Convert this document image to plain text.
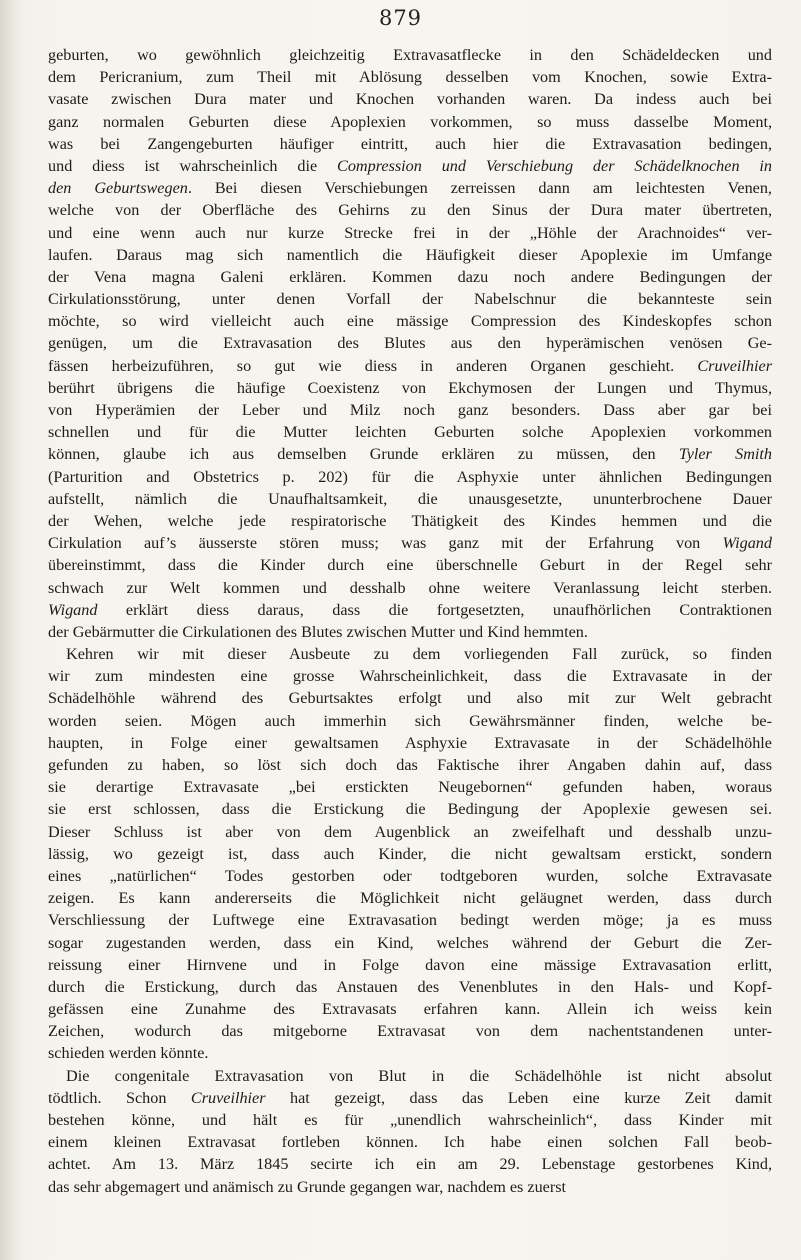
879
geburten, wo gewöhnlich gleichzeitig Extravasatflecke in den Schädeldecken und
dem Pericranium, zum Theil mit Ablösung desselben vom Knochen, sowie Extra-
vasate zwischen Dura mater und Knochen vorhanden waren. Da indess auch bei
ganz normalen Geburten diese Apoplexien vorkommen, so muss dasselbe Moment,
was bei Zangengeburten häufiger eintritt, auch hier die Extravasation bedingen,
und diess ist wahrscheinlich die Compression und Verschiebung der Schädelknochen in
den Geburtswegen. Bei diesen Verschiebungen zerreissen dann am leichtesten Venen,
welche von der Oberfläche des Gehirns zu den Sinus der Dura mater übertreten,
und eine wenn auch nur kurze Strecke frei in der „Höhle der Arachnoides“ ver-
laufen. Daraus mag sich namentlich die Häufigkeit dieser Apoplexie im Umfange
der Vena magna Galeni erklären. Kommen dazu noch andere Bedingungen der
Cirkulationsstörung, unter denen Vorfall der Nabelschnur die bekannteste sein
möchte, so wird vielleicht auch eine mässige Compression des Kindeskopfes schon
genügen, um die Extravasation des Blutes aus den hyperämischen venösen Ge-
fässen herbeizuführen, so gut wie diess in anderen Organen geschieht. Cruveilhier
berührt übrigens die häufige Coexistenz von Ekchymosen der Lungen und Thymus,
von Hyperämien der Leber und Milz noch ganz besonders. Dass aber gar bei
schnellen und für die Mutter leichten Geburten solche Apoplexien vorkommen
können, glaube ich aus demselben Grunde erklären zu müssen, den Tyler Smith
(Parturition and Obstetrics p. 202) für die Asphyxie unter ähnlichen Bedingungen
aufstellt, nämlich die Unaufhaltsamkeit, die unausgesetzte, ununterbrochene Dauer
der Wehen, welche jede respiratorische Thätigkeit des Kindes hemmen und die
Cirkulation auf’s äusserste stören muss; was ganz mit der Erfahrung von Wigand
übereinstimmt, dass die Kinder durch eine überschnelle Geburt in der Regel sehr
schwach zur Welt kommen und desshalb ohne weitere Veranlassung leicht sterben.
Wigand erklärt diess daraus, dass die fortgesetzten, unaufhörlichen Contraktionen
der Gebärmutter die Cirkulationen des Blutes zwischen Mutter und Kind hemmten.
Kehren wir mit dieser Ausbeute zu dem vorliegenden Fall zurück, so finden
wir zum mindesten eine grosse Wahrscheinlichkeit, dass die Extravasate in der
Schädelhöhle während des Geburtsaktes erfolgt und also mit zur Welt gebracht
worden seien. Mögen auch immerhin sich Gewährsmänner finden, welche be-
haupten, in Folge einer gewaltsamen Asphyxie Extravasate in der Schädelhöhle
gefunden zu haben, so löst sich doch das Faktische ihrer Angaben dahin auf, dass
sie derartige Extravasate „bei erstickten Neugebornen“ gefunden haben, woraus
sie erst schlossen, dass die Erstickung die Bedingung der Apoplexie gewesen sei.
Dieser Schluss ist aber von dem Augenblick an zweifelhaft und desshalb unzu-
lässig, wo gezeigt ist, dass auch Kinder, die nicht gewaltsam erstickt, sondern
eines „natürlichen“ Todes gestorben oder todtgeboren wurden, solche Extravasate
zeigen. Es kann andererseits die Möglichkeit nicht geläugnet werden, dass durch
Verschliessung der Luftwege eine Extravasation bedingt werden möge; ja es muss
sogar zugestanden werden, dass ein Kind, welches während der Geburt die Zer-
reissung einer Hirnvene und in Folge davon eine mässige Extravasation erlitt,
durch die Erstickung, durch das Anstauen des Venenblutes in den Hals- und Kopf-
gefässen eine Zunahme des Extravasats erfahren kann. Allein ich weiss kein
Zeichen, wodurch das mitgeborne Extravasat von dem nachentstandenen unter-
schieden werden könnte.
Die congenitale Extravasation von Blut in die Schädelhöhle ist nicht absolut
tödtlich. Schon Cruveilhier hat gezeigt, dass das Leben eine kurze Zeit damit
bestehen könne, und hält es für „unendlich wahrscheinlich“, dass Kinder mit
einem kleinen Extravasat fortleben können. Ich habe einen solchen Fall beob-
achtet. Am 13. März 1845 secirte ich ein am 29. Lebenstage gestorbenes Kind,
das sehr abgemagert und anämisch zu Grunde gegangen war, nachdem es zuerst
